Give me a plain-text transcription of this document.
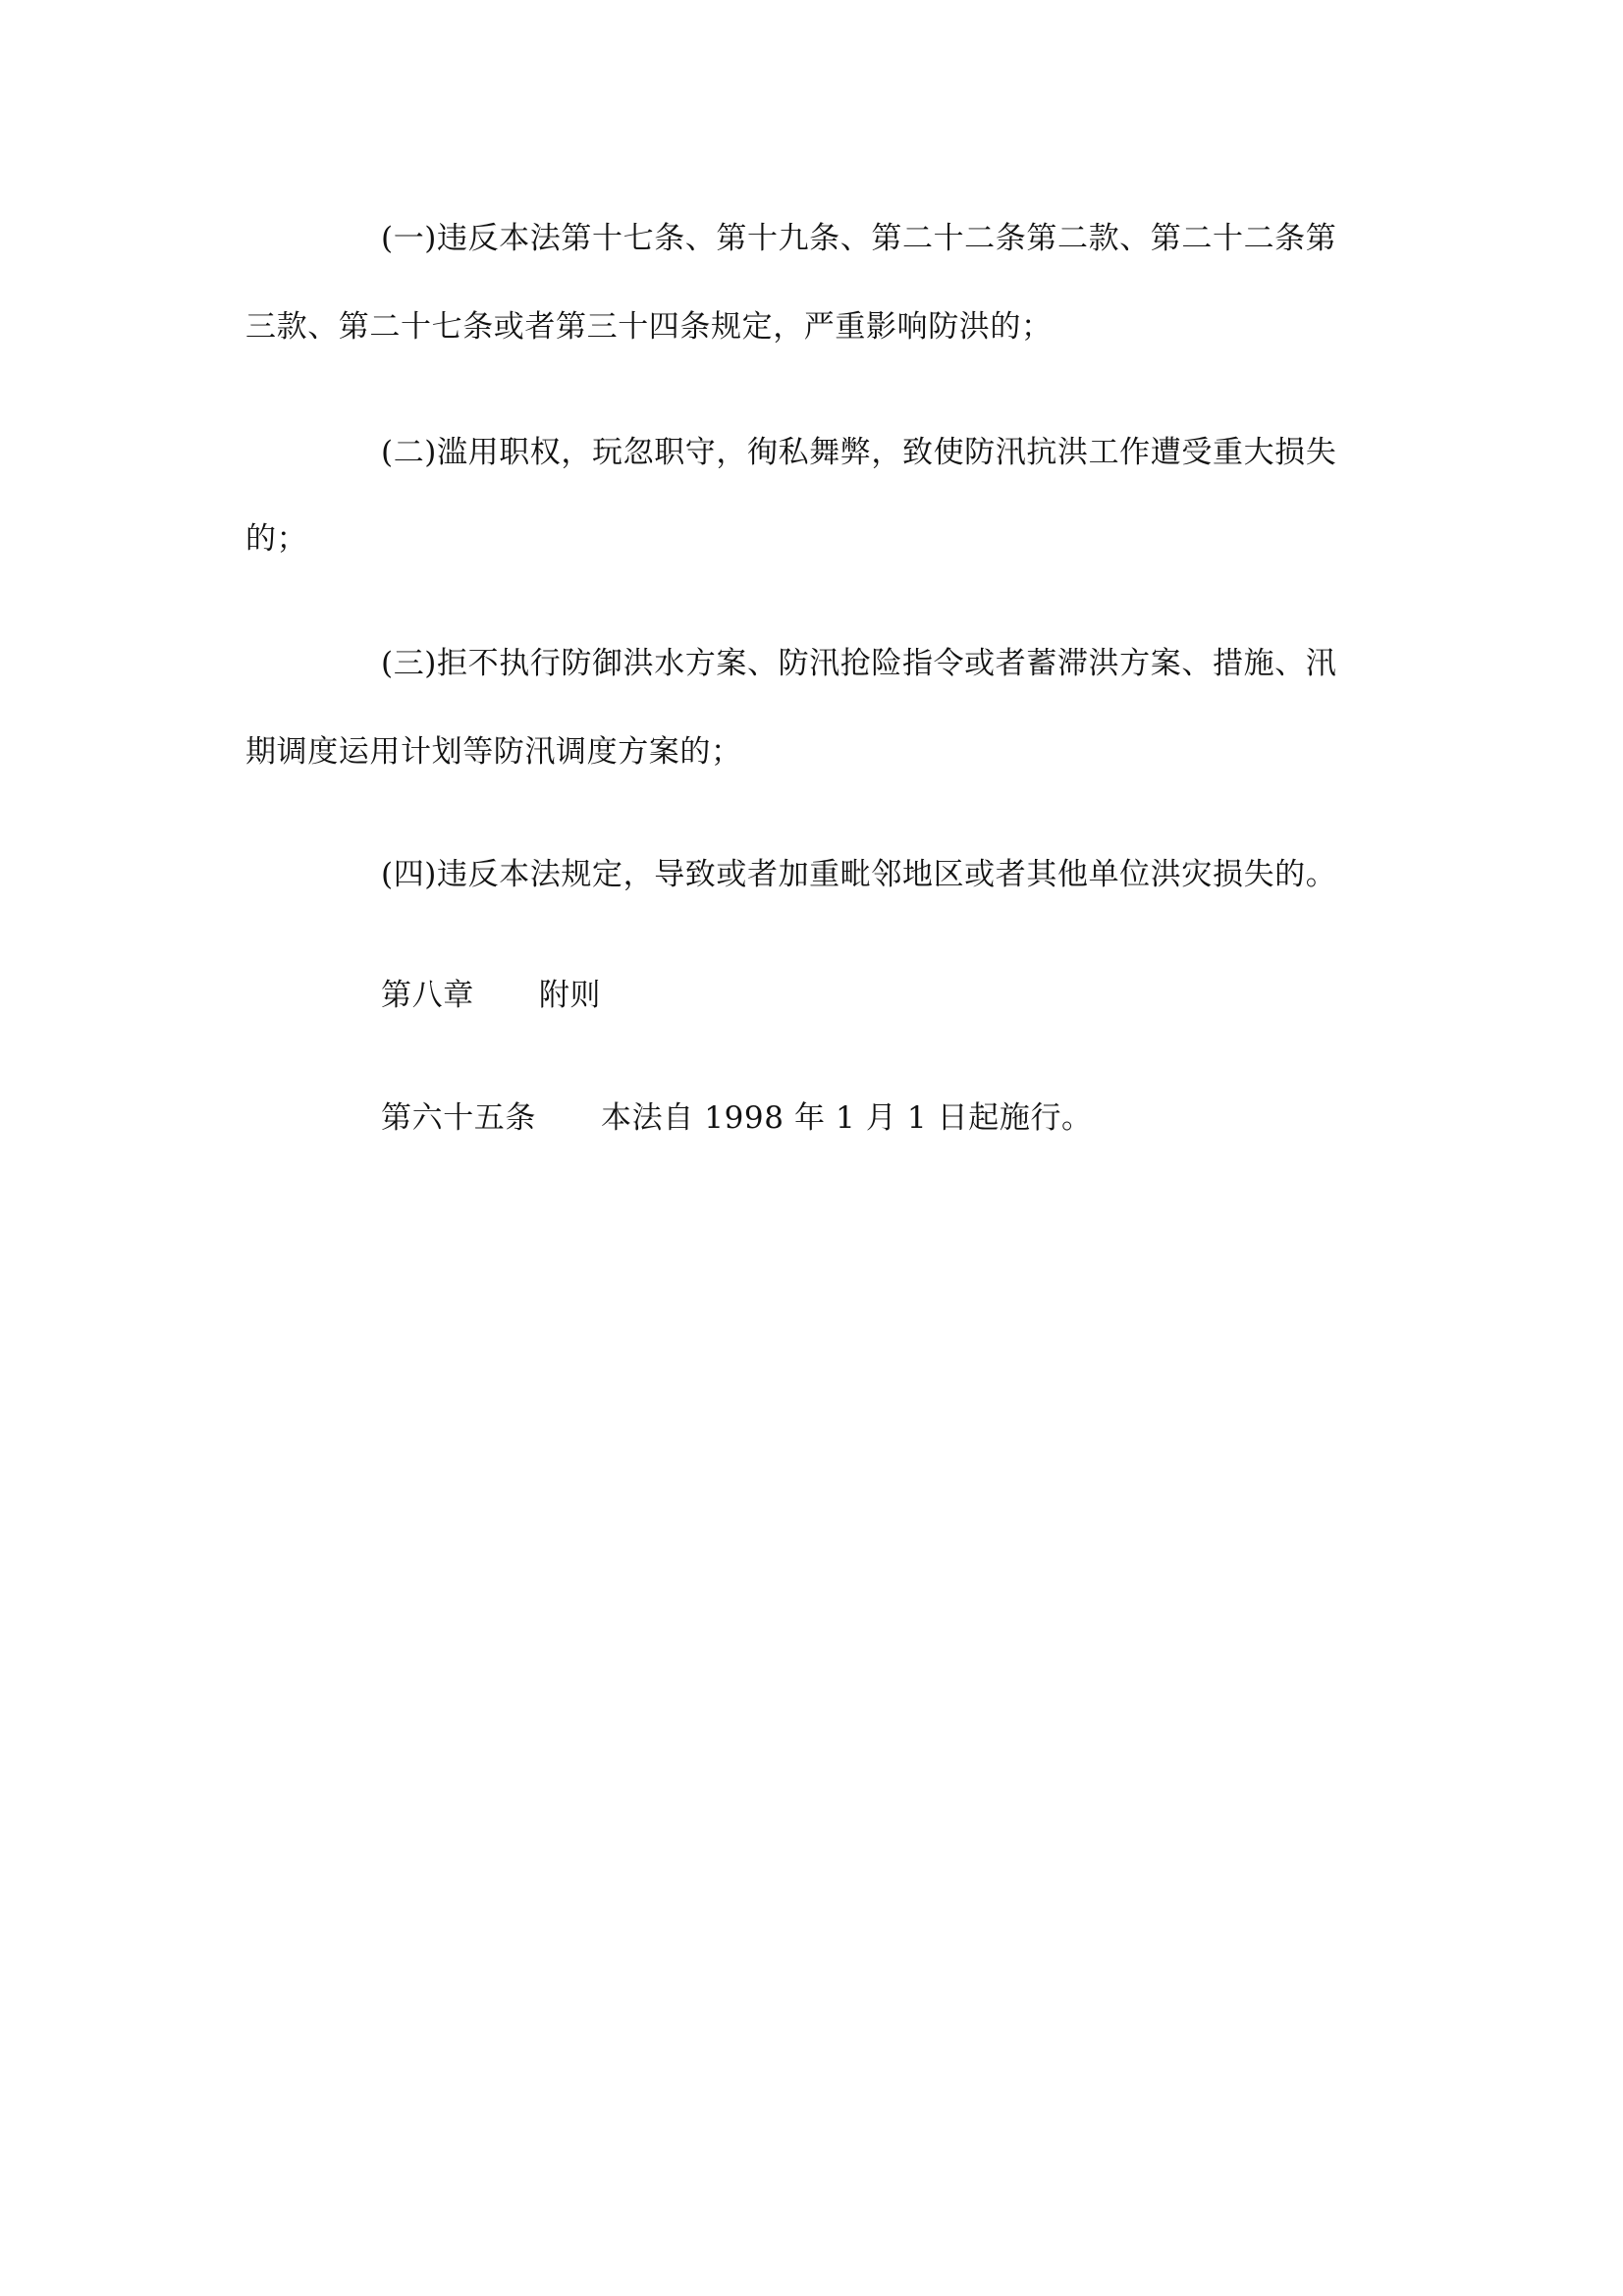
(一)违反本法第十七条、第十九条、第二十二条第二款、第二十二条第
三款、第二十七条或者第三十四条规定，严重影响防洪的；
(二)滥用职权，玩忽职守，徇私舞弊，致使防汛抗洪工作遭受重大损失
的；
(三)拒不执行防御洪水方案、防汛抢险指令或者蓄滞洪方案、措施、汛
期调度运用计划等防汛调度方案的；
(四)违反本法规定，导致或者加重毗邻地区或者其他单位洪灾损失的。
第八章 附则
第六十五条 本法自 1998 年 1 月 1 日起施行。
